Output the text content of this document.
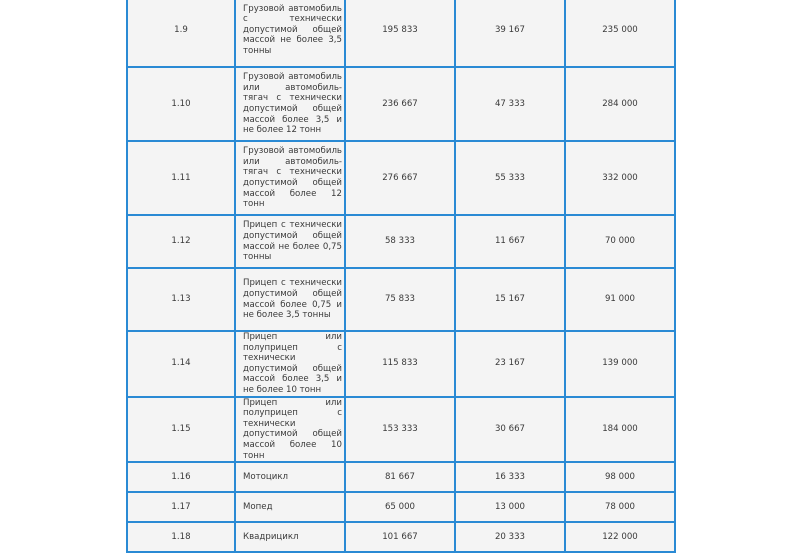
1.9	Грузовой автомобиль с технически допустимой общей массой не более 3,5 тонны	195 833	39 167	235 000
1.10	Грузовой автомобиль или автомобиль-тягач с технически допустимой общей массой более 3,5 и не более 12 тонн	236 667	47 333	284 000
1.11	Грузовой автомобиль или автомобиль-тягач с технически допустимой общей массой более 12 тонн	276 667	55 333	332 000
1.12	Прицеп с технически допустимой общей массой не более 0,75 тонны	58 333	11 667	70 000
1.13	Прицеп с технически допустимой общей массой более 0,75 и не более 3,5 тонны	75 833	15 167	91 000
1.14	Прицеп или полуприцеп с технически допустимой общей массой более 3,5 и не более 10 тонн	115 833	23 167	139 000
1.15	Прицеп или полуприцеп с технически допустимой общей массой более 10 тонн	153 333	30 667	184 000
1.16	Мотоцикл	81 667	16 333	98 000
1.17	Мопед	65 000	13 000	78 000
1.18	Квадрицикл	101 667	20 333	122 000
